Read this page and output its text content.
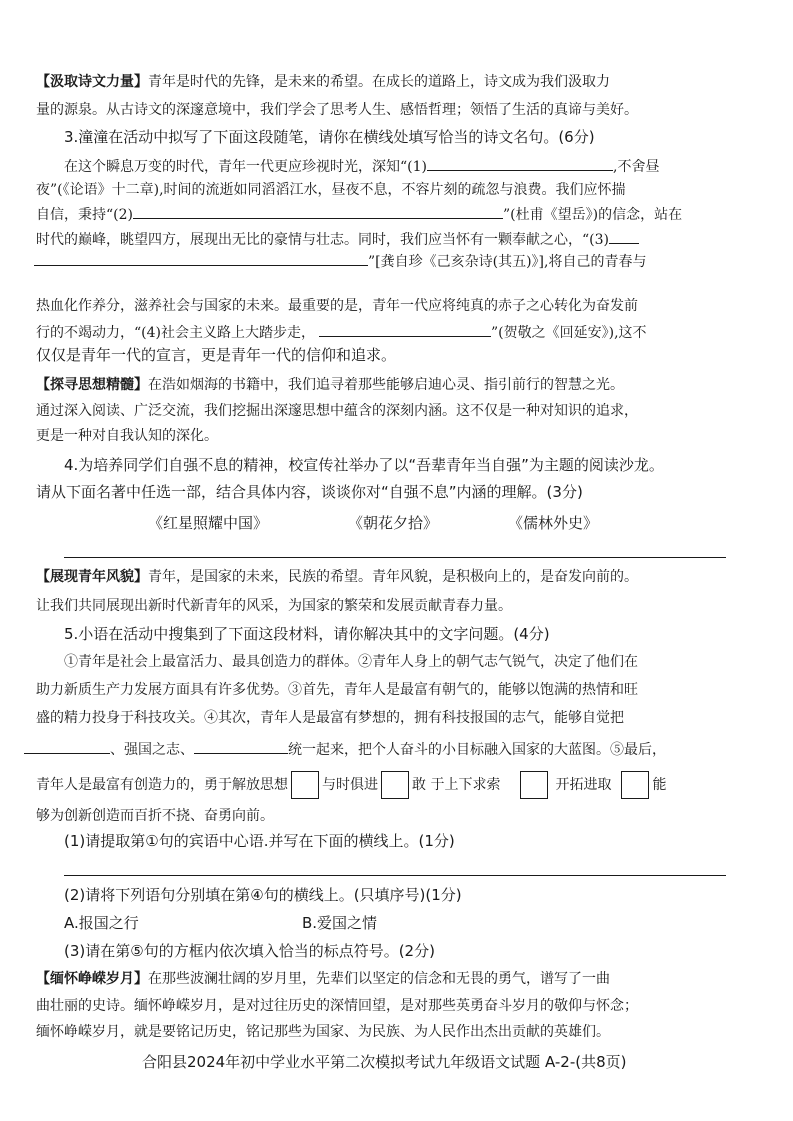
【汲取诗文力量】青年是时代的先锋，是未来的希望。在成长的道路上，诗文成为我们汲取力
量的源泉。从古诗文的深邃意境中，我们学会了思考人生、感悟哲理；领悟了生活的真谛与美好。
3.潼潼在活动中拟写了下面这段随笔，请你在横线处填写恰当的诗文名句。(6分)
在这个瞬息万变的时代，青年一代更应珍视时光，深知“(1)	,不舍昼
夜”(《论语》十二章),时间的流逝如同滔滔江水，昼夜不息，不容片刻的疏忽与浪费。我们应怀揣
自信，秉持“(2)	”(杜甫《望岳》)的信念，站在
时代的巅峰，眺望四方，展现出无比的豪情与壮志。同时，我们应当怀有一颗奉献之心，“(3)
”[龚自珍《己亥杂诗(其五)》],将自己的青春与
热血化作养分，滋养社会与国家的未来。最重要的是，青年一代应将纯真的赤子之心转化为奋发前
行的不竭动力，“(4)社会主义路上大踏步走，	”(贺敬之《回延安》),这不
仅仅是青年一代的宣言，更是青年一代的信仰和追求。
【探寻思想精髓】在浩如烟海的书籍中，我们追寻着那些能够启迪心灵、指引前行的智慧之光。
通过深入阅读、广泛交流，我们挖掘出深邃思想中蕴含的深刻内涵。这不仅是一种对知识的追求，
更是一种对自我认知的深化。
4.为培养同学们自强不息的精神，校宣传社举办了以“吾辈青年当自强”为主题的阅读沙龙。
请从下面名著中任选一部，结合具体内容，谈谈你对“自强不息”内涵的理解。(3分)
《红星照耀中国》	《朝花夕拾》	《儒林外史》
【展现青年风貌】青年，是国家的未来，民族的希望。青年风貌，是积极向上的，是奋发向前的。
让我们共同展现出新时代新青年的风采，为国家的繁荣和发展贡献青春力量。
5.小语在活动中搜集到了下面这段材料，请你解决其中的文字问题。(4分)
①青年是社会上最富活力、最具创造力的群体。②青年人身上的朝气志气锐气，决定了他们在
助力新质生产力发展方面具有许多优势。③首先，青年人是最富有朝气的，能够以饱满的热情和旺
盛的精力投身于科技攻关。④其次，青年人是最富有梦想的，拥有科技报国的志气，能够自觉把
、强国之志、	统一起来，把个人奋斗的小目标融入国家的大蓝图。⑤最后，
青年人是最富有创造力的，勇于解放思想 与时俱进 敢 于上下求索	开拓进取	能
够为创新创造而百折不挠、奋勇向前。
(1)请提取第①句的宾语中心语.并写在下面的横线上。(1分)
(2)请将下列语句分别填在第④句的横线上。(只填序号)(1分)
A.报国之行	B.爱国之情
(3)请在第⑤句的方框内依次填入恰当的标点符号。(2分)
【缅怀峥嵘岁月】在那些波澜壮阔的岁月里，先辈们以坚定的信念和无畏的勇气，谱写了一曲
曲壮丽的史诗。缅怀峥嵘岁月，是对过往历史的深情回望，是对那些英勇奋斗岁月的敬仰与怀念；
缅怀峥嵘岁月，就是要铭记历史，铭记那些为国家、为民族、为人民作出杰出贡献的英雄们。
合阳县2024年初中学业水平第二次模拟考试九年级语文试题 A-2-(共8页)
